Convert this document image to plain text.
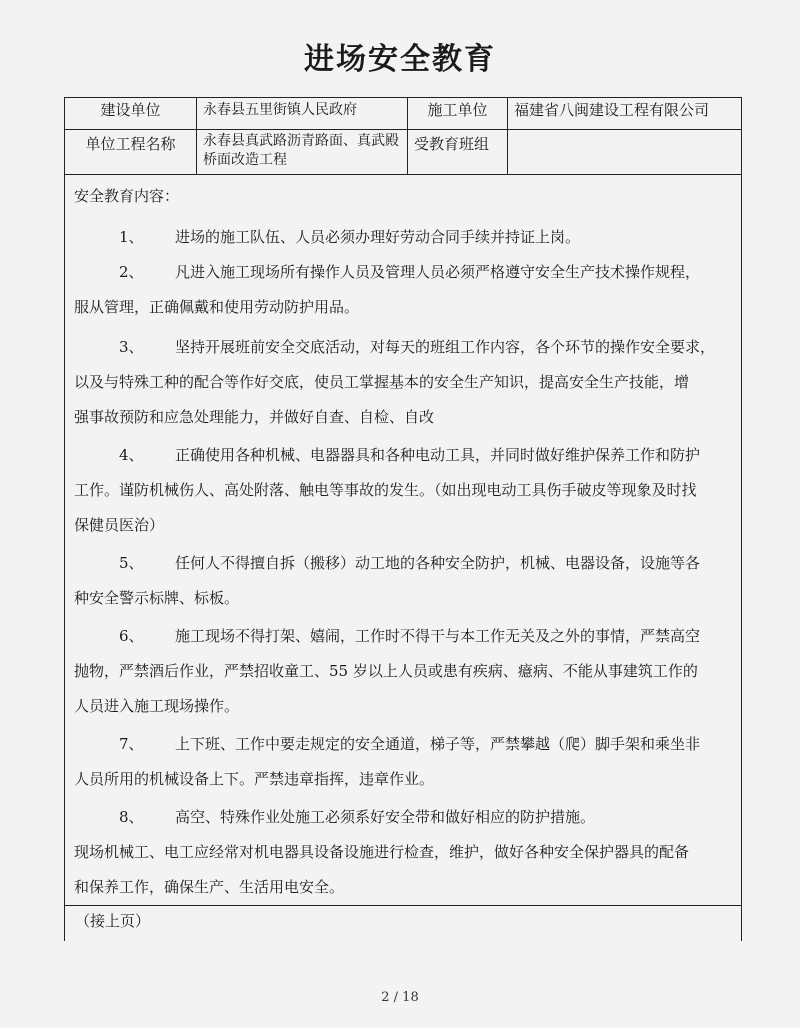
进场安全教育
建设单位	永春县五里街镇人民政府	施工单位	福建省八闽建设工程有限公司
单位工程名称	永春县真武路沥青路面、真武殿桥面改造工程	受教育班组	
安全教育内容：
1、 进场的施工队伍、人员必须办理好劳动合同手续并持证上岗。
2、 凡进入施工现场所有操作人员及管理人员必须严格遵守安全生产技术操作规程，
服从管理，正确佩戴和使用劳动防护用品。
3、 坚持开展班前安全交底活动，对每天的班组工作内容，各个环节的操作安全要求，
以及与特殊工种的配合等作好交底，使员工掌握基本的安全生产知识，提高安全生产技能，增
强事故预防和应急处理能力，并做好自查、自检、自改
4、 正确使用各种机械、电器器具和各种电动工具，并同时做好维护保养工作和防护
工作。谨防机械伤人、高处附落、触电等事故的发生。（如出现电动工具伤手破皮等现象及时找
保健员医治）
5、 任何人不得擅自拆（搬移）动工地的各种安全防护，机械、电器设备，设施等各
种安全警示标牌、标板。
6、 施工现场不得打架、嬉闹，工作时不得干与本工作无关及之外的事情，严禁高空
抛物，严禁酒后作业，严禁招收童工、55 岁以上人员或患有疾病、癔病、不能从事建筑工作的
人员进入施工现场操作。
7、 上下班、工作中要走规定的安全通道，梯子等，严禁攀越（爬）脚手架和乘坐非
人员所用的机械设备上下。严禁违章指挥，违章作业。
8、 高空、特殊作业处施工必须系好安全带和做好相应的防护措施。
现场机械工、电工应经常对机电器具设备设施进行检查，维护，做好各种安全保护器具的配备
和保养工作，确保生产、生活用电安全。
（接上页）
2 / 18
